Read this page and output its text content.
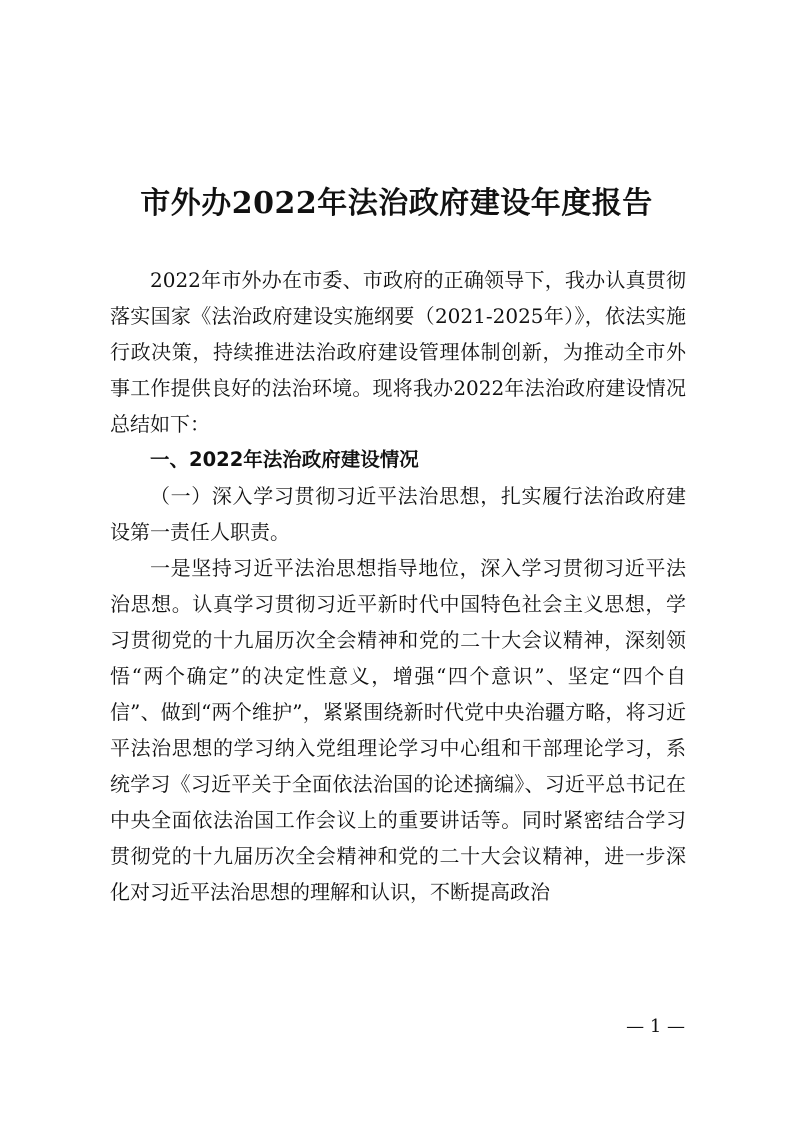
市外办2022年法治政府建设年度报告

2022年市外办在市委、市政府的正确领导下，我办认真贯彻落实国家《法治政府建设实施纲要（2021-2025年）》，依法实施行政决策，持续推进法治政府建设管理体制创新，为推动全市外事工作提供良好的法治环境。现将我办2022年法治政府建设情况总结如下：

一、2022年法治政府建设情况

（一）深入学习贯彻习近平法治思想，扎实履行法治政府建设第一责任人职责。

一是坚持习近平法治思想指导地位，深入学习贯彻习近平法治思想。认真学习贯彻习近平新时代中国特色社会主义思想，学习贯彻党的十九届历次全会精神和党的二十大会议精神，深刻领悟“两个确定”的决定性意义，增强“四个意识”、坚定“四个自信”、做到“两个维护”，紧紧围绕新时代党中央治疆方略，将习近平法治思想的学习纳入党组理论学习中心组和干部理论学习，系统学习《习近平关于全面依法治国的论述摘编》、习近平总书记在中央全面依法治国工作会议上的重要讲话等。同时紧密结合学习贯彻党的十九届历次全会精神和党的二十大会议精神，进一步深化对习近平法治思想的理解和认识，不断提高政治

— 1 —
